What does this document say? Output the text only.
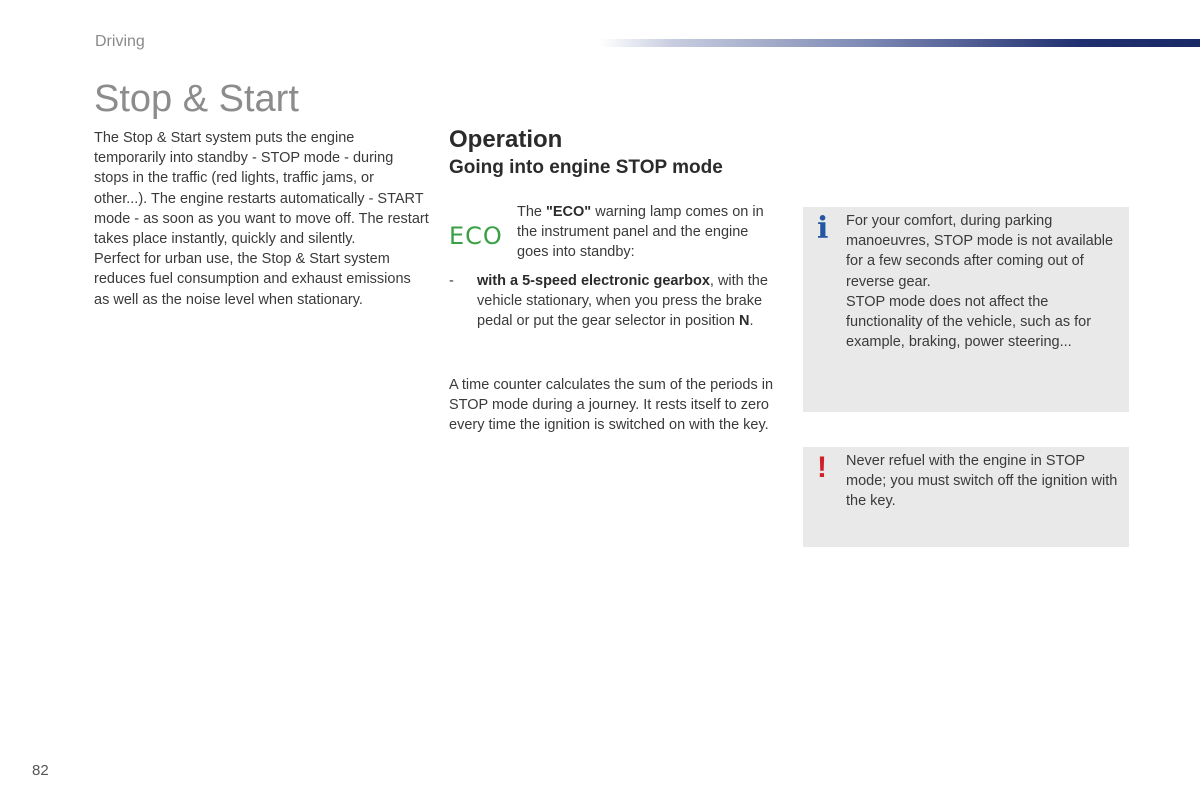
Driving
Stop & Start

The Stop & Start system puts the engine temporarily into standby - STOP mode - during stops in the traffic (red lights, traffic jams, or other...). The engine restarts automatically - START mode - as soon as you want to move off. The restart takes place instantly, quickly and silently.

Perfect for urban use, the Stop & Start system reduces fuel consumption and exhaust emissions as well as the noise level when stationary.

Operation
Going into engine STOP mode
ECO
The "ECO" warning lamp comes on in the instrument panel and the engine goes into standby:
- with a 5-speed electronic gearbox, with the vehicle stationary, when you press the brake pedal or put the gear selector in position N.
A time counter calculates the sum of the periods in STOP mode during a journey. It rests itself to zero every time the ignition is switched on with the key.
i For your comfort, during parking manoeuvres, STOP mode is not available for a few seconds after coming out of reverse gear.

STOP mode does not affect the functionality of the vehicle, such as for example, braking, power steering...

! Never refuel with the engine in STOP mode; you must switch off the ignition with the key.
82
